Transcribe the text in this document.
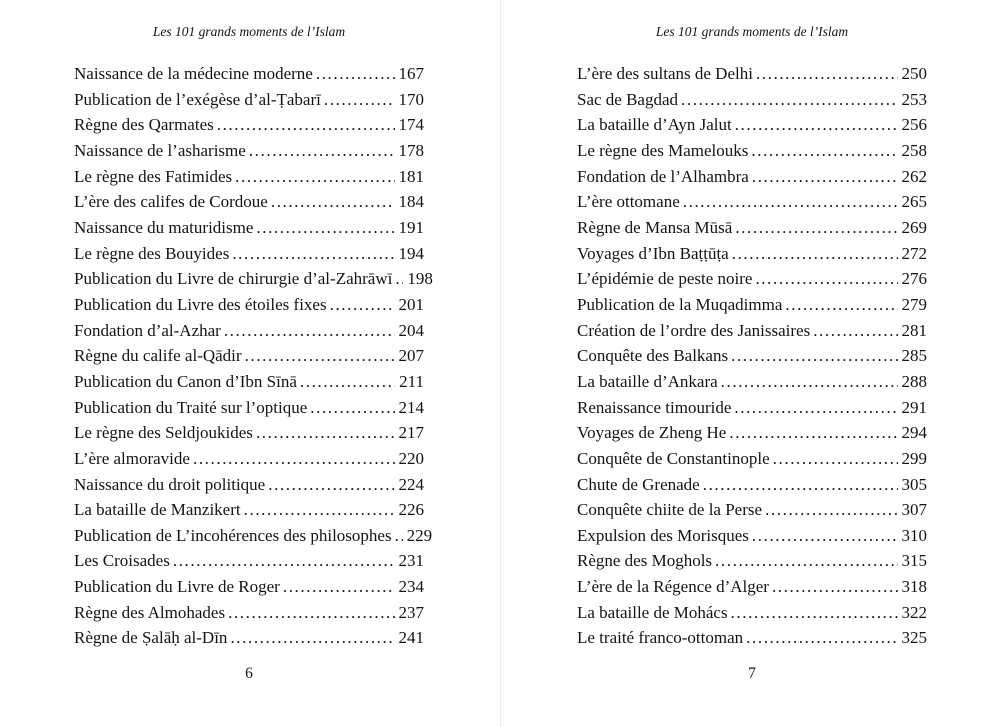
Les 101 grands moments de l’Islam
Naissance de la médecine moderne .....	167
Publication de l’exégèse d’al-Ṭabarī .....	170
Règne des Qarmates .....	174
Naissance de l’asharisme .....	178
Le règne des Fatimides .....	181
L’ère des califes de Cordoue .....	184
Naissance du maturidisme .....	191
Le règne des Bouyides .....	194
Publication du Livre de chirurgie d’al-Zahrāwī ..... 198
Publication du Livre des étoiles fixes .....	201
Fondation d’al-Azhar .....	204
Règne du calife al-Qādir .....	207
Publication du Canon d’Ibn Sīnā .....	211
Publication du Traité sur l’optique .....	214
Le règne des Seldjoukides .....	217
L’ère almoravide .....	220
Naissance du droit politique .....	224
La bataille de Manzikert .....	226
Publication de L’incohérences des philosophes ..... 229
Les Croisades .....	231
Publication du Livre de Roger .....	234
Règne des Almohades .....	237
Règne de Ṣalāḥ al-Dīn .....	241
6
Les 101 grands moments de l’Islam
L’ère des sultans de Delhi .....	250
Sac de Bagdad .....	253
La bataille d’Ayn Jalut .....	256
Le règne des Mamelouks .....	258
Fondation de l’Alhambra .....	262
L’ère ottomane .....	265
Règne de Mansa Mūsā .....	269
Voyages d’Ibn Baṭṭūṭa .....	272
L’épidémie de peste noire .....	276
Publication de la Muqadimma .....	279
Création de l’ordre des Janissaires .....	281
Conquête des Balkans .....	285
La bataille d’Ankara .....	288
Renaissance timouride .....	291
Voyages de Zheng He .....	294
Conquête de Constantinople .....	299
Chute de Grenade .....	305
Conquête chiite de la Perse .....	307
Expulsion des Morisques .....	310
Règne des Moghols .....	315
L’ère de la Régence d’Alger .....	318
La bataille de Mohács .....	322
Le traité franco-ottoman .....	325
7
